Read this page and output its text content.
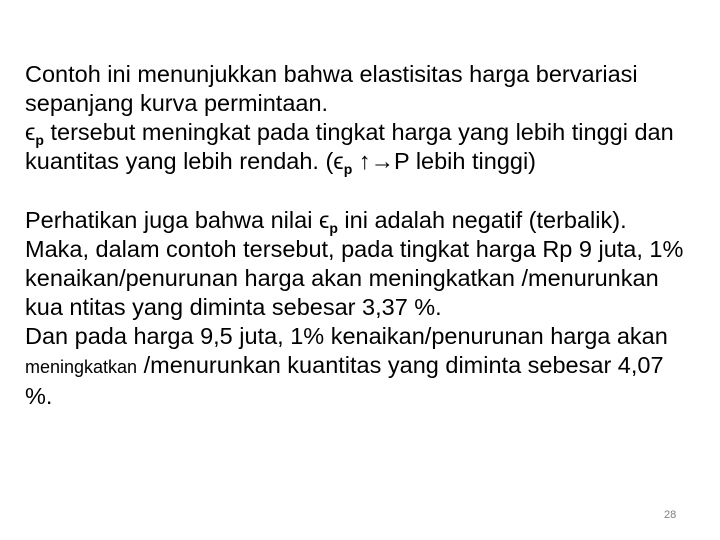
Contoh ini menunjukkan bahwa elastisitas harga bervariasi sepanjang kurva permintaan.
$\epsilon_p$ tersebut meningkat pada tingkat harga yang lebih tinggi dan kuantitas yang lebih rendah. ($\epsilon_p$ ↑→P lebih tinggi)

Perhatikan juga bahwa nilai $\epsilon_p$ ini adalah negatif (terbalik). Maka, dalam contoh tersebut, pada tingkat harga Rp 9 juta, 1% kenaikan/penurunan harga akan meningkatkan /menurunkan kua ntitas yang diminta sebesar 3,37 %.
Dan pada harga 9,5 juta, 1% kenaikan/penurunan harga akan meningkatkan /menurunkan kuantitas yang diminta sebesar 4,07 %.

28
